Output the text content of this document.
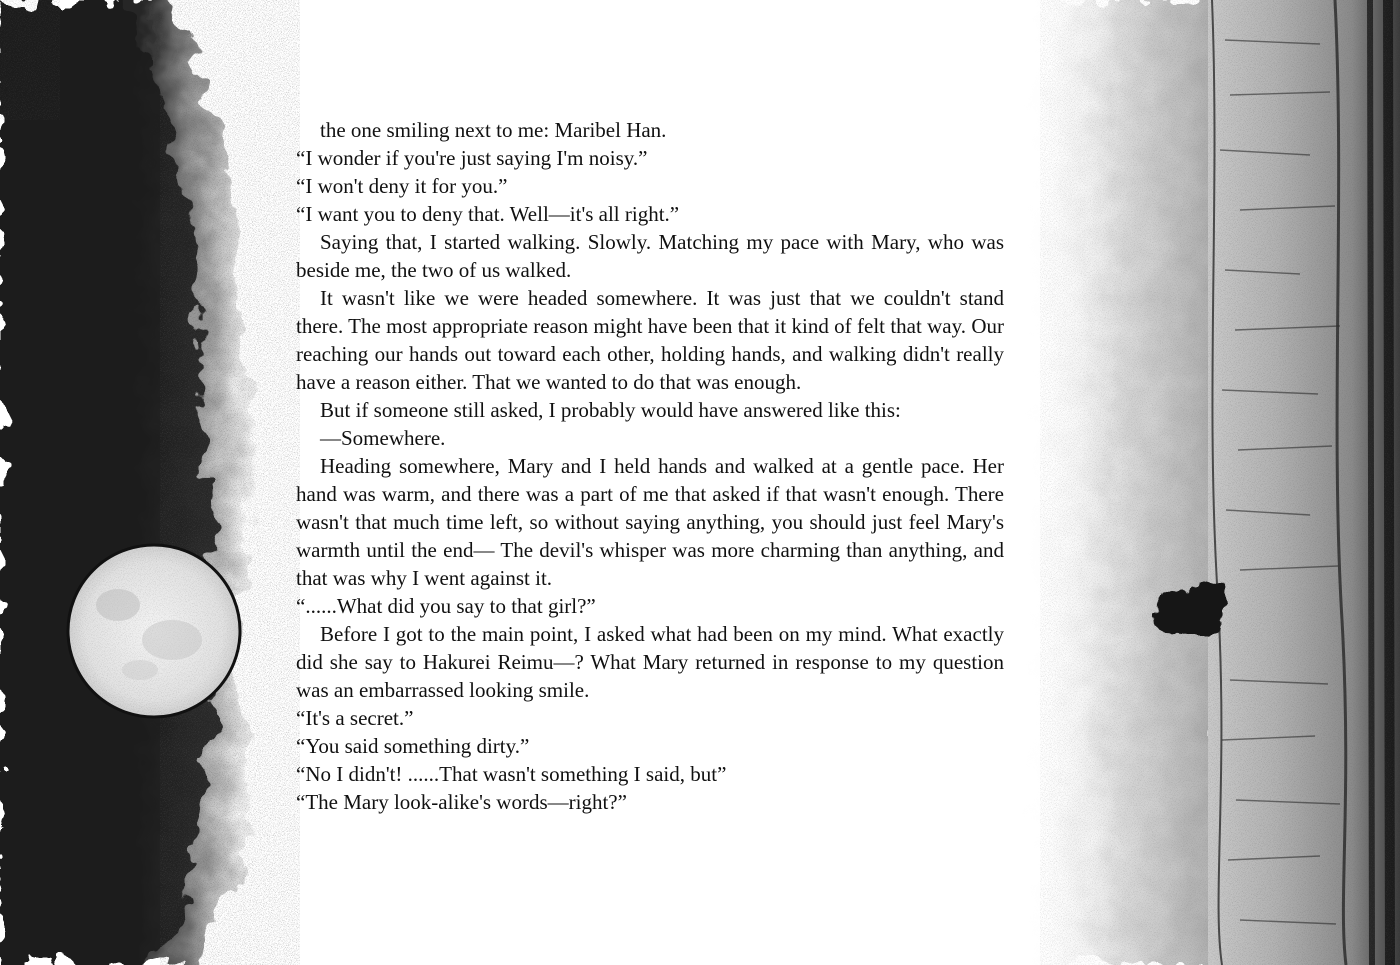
the one smiling next to me: Maribel Han.

“I wonder if you're just saying I'm noisy.”

“I won't deny it for you.”

“I want you to deny that. Well—it's all right.”

Saying that, I started walking. Slowly. Matching my pace with Mary, who was beside me, the two of us walked.

It wasn't like we were headed somewhere. It was just that we couldn't stand there. The most appropriate reason might have been that it kind of felt that way. Our reaching our hands out toward each other, holding hands, and walking didn't really have a reason either. That we wanted to do that was enough.

But if someone still asked, I probably would have answered like this:

—Somewhere.

Heading somewhere, Mary and I held hands and walked at a gentle pace. Her hand was warm, and there was a part of me that asked if that wasn't enough. There wasn't that much time left, so without saying anything, you should just feel Mary's warmth until the end— The devil's whisper was more charming than anything, and that was why I went against it.

“......What did you say to that girl?”

Before I got to the main point, I asked what had been on my mind. What exactly did she say to Hakurei Reimu—? What Mary returned in response to my question was an embarrassed looking smile.

“It's a secret.”

“You said something dirty.”

“No I didn't! ......That wasn't something I said, but”

“The Mary look-alike's words—right?”
